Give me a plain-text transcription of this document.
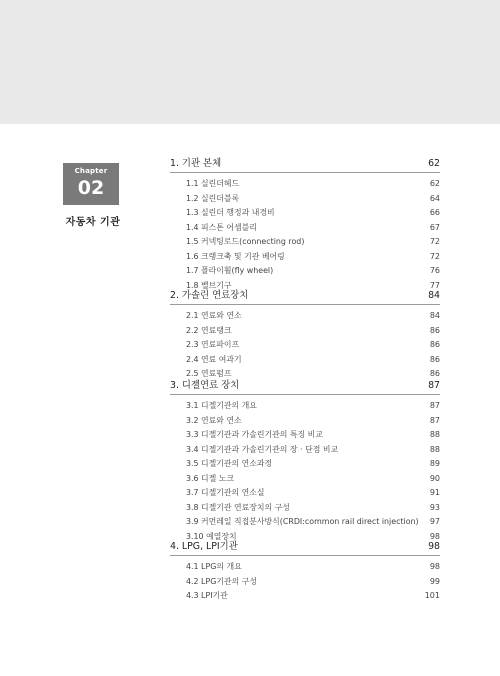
Chapter
02
자동차 기관
1. 기관 본체	62
1.1 실린더헤드	62
1.2 실린더블록	64
1.3 실린더 행정과 내경비	66
1.4 피스톤 어셈블리	67
1.5 커넥팅로드(connecting rod)	72
1.6 크랭크축 및 기관 베어링	72
1.7 플라이휠(fly wheel)	76
1.8 밸브기구	77
2. 가솔린 연료장치	84
2.1 연료와 연소	84
2.2 연료탱크	86
2.3 연료파이프	86
2.4 연료 여과기	86
2.5 연료펌프	86
3. 디젤연료 장치	87
3.1 디젤기관의 개요	87
3.2 연료와 연소	87
3.3 디젤기관과 가솔린기관의 특징 비교	88
3.4 디젤기관과 가솔린기관의 장 · 단점 비교	88
3.5 디젤기관의 연소과정	89
3.6 디젤 노크	90
3.7 디젤기관의 연소실	91
3.8 디젤기관 연료장치의 구성	93
3.9 커먼레일 직접분사방식(CRDI:common rail direct injection) 97
3.10 예열장치	98
4. LPG, LPI기관	98
4.1 LPG의 개요	98
4.2 LPG기관의 구성	99
4.3 LPI기관	101
